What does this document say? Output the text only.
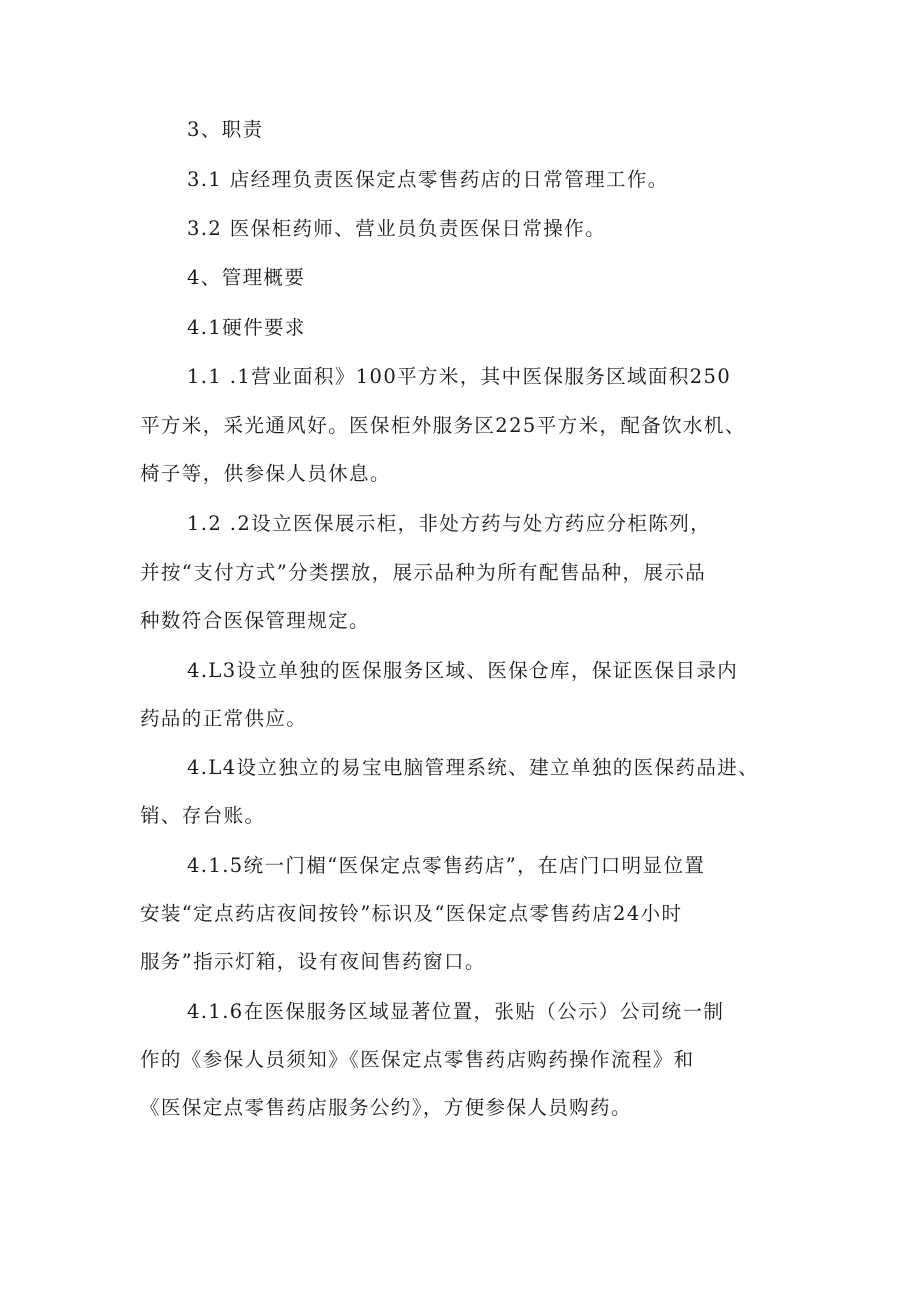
3、职责
3.1 店经理负责医保定点零售药店的日常管理工作。
3.2 医保柜药师、营业员负责医保日常操作。
4、管理概要
4.1硬件要求
1.1 .1营业面积》100平方米，其中医保服务区域面积250
平方米，采光通风好。医保柜外服务区225平方米，配备饮水机、
椅子等，供参保人员休息。
1.2 .2设立医保展示柜，非处方药与处方药应分柜陈列，
并按“支付方式”分类摆放，展示品种为所有配售品种，展示品
种数符合医保管理规定。
4.L3设立单独的医保服务区域、医保仓库，保证医保目录内
药品的正常供应。
4.L4设立独立的易宝电脑管理系统、建立单独的医保药品进、
销、存台账。
4.1.5统一门楣“医保定点零售药店”，在店门口明显位置
安装“定点药店夜间按铃”标识及“医保定点零售药店24小时
服务”指示灯箱，设有夜间售药窗口。
4.1.6在医保服务区域显著位置，张贴（公示）公司统一制
作的《参保人员须知》《医保定点零售药店购药操作流程》和
《医保定点零售药店服务公约》，方便参保人员购药。
